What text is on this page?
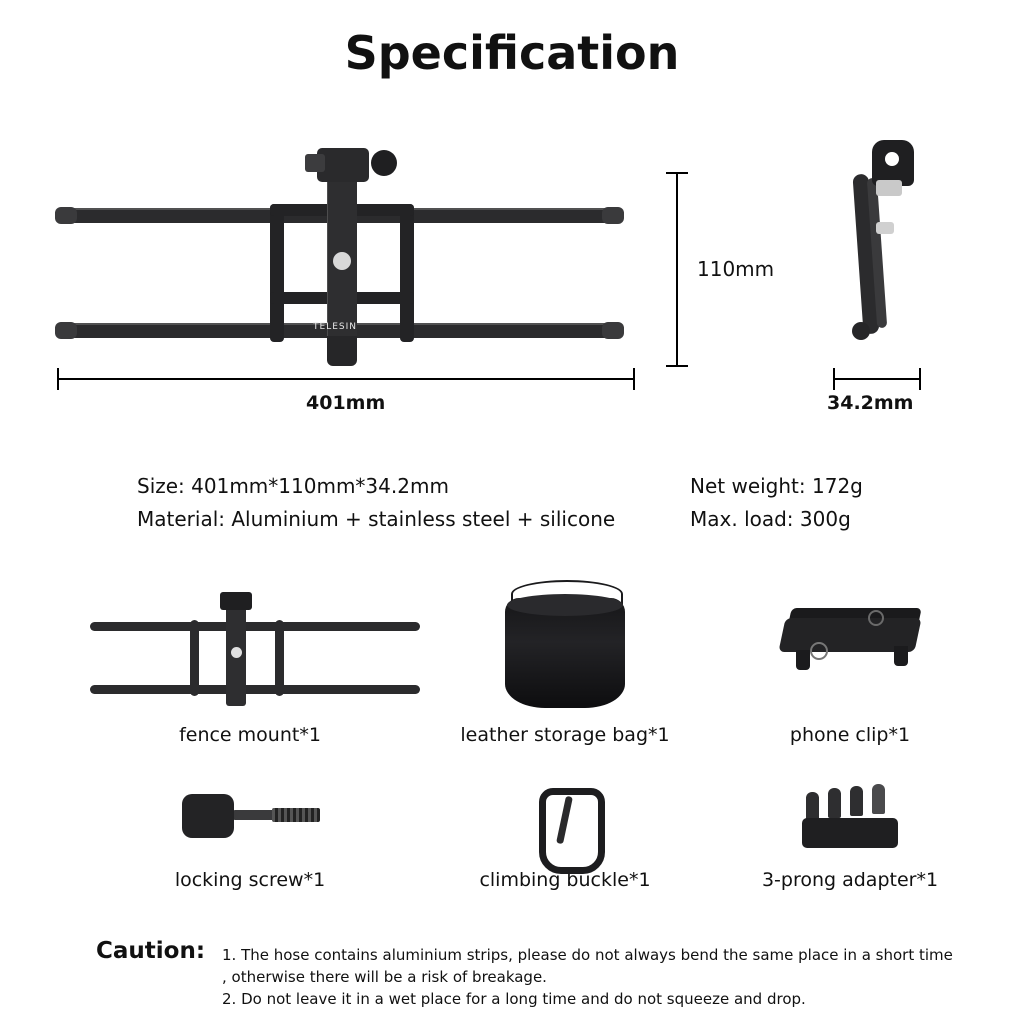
Specification
TELESIN
110mm
401mm	34.2mm
Size: 401mm*110mm*34.2mm
Material: Aluminium + stainless steel + silicone
Net weight: 172g
Max. load: 300g
fence mount*1	leather storage bag*1	phone clip*1
locking screw*1	climbing buckle*1	3-prong adapter*1
Caution: 1. The hose contains aluminium strips, please do not always bend the same place in a short time , otherwise there will be a risk of breakage.
2. Do not leave it in a wet place for a long time and do not squeeze and drop.
